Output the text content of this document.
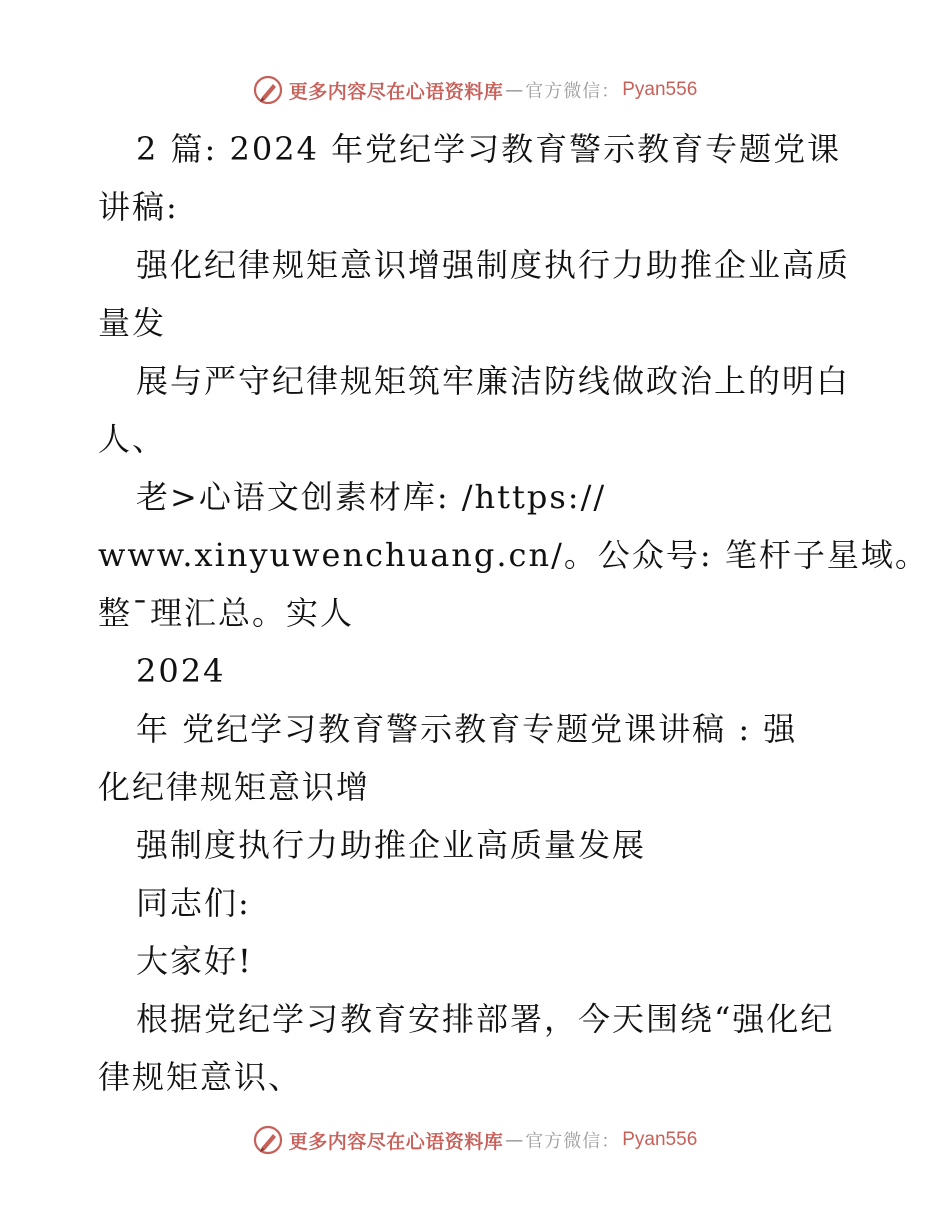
更多内容尽在心语资料库 — 官方微信： Pyan556
2 篇: 2024 年党纪学习教育警示教育专题党课
讲稿:
强化纪律规矩意识增强制度执行力助推企业高质
量发
展与严守纪律规矩筑牢廉洁防线做政治上的明白
人、
老>心语文创素材库: /https://
www.xinyuwenchuang.cn/。公众号: 笔杆子星域。
整¯理汇总。实人
2024
年 党纪学习教育警示教育专题党课讲稿 : 强
化纪律规矩意识增
强制度执行力助推企业高质量发展
同志们:
大家好!
根据党纪学习教育安排部署，今天围绕“强化纪
律规矩意识、
更多内容尽在心语资料库 — 官方微信： Pyan556
